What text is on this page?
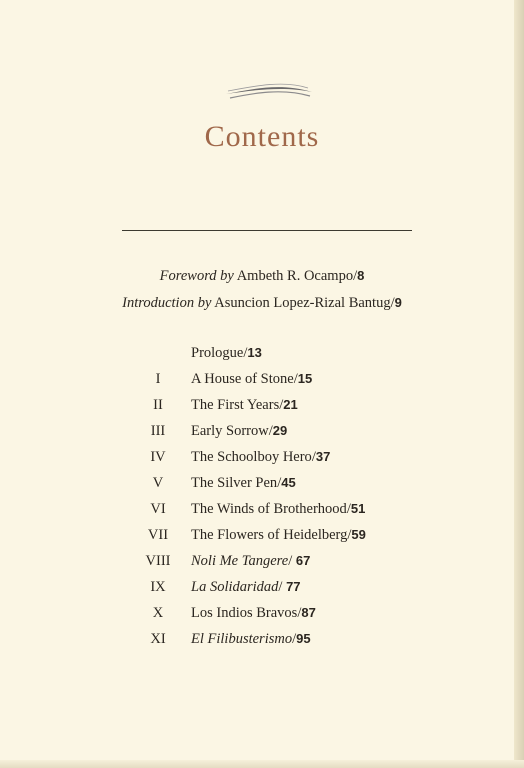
Contents
Foreword by Ambeth R. Ocampo/8
Introduction by Asuncion Lopez-Rizal Bantug/9
Prologue/13
I	A House of Stone/15
II	The First Years/21
III	Early Sorrow/29
IV	The Schoolboy Hero/37
V	The Silver Pen/45
VI	The Winds of Brotherhood/51
VII	The Flowers of Heidelberg/59
VIII	Noli Me Tangere/ 67
IX	La Solidaridad/ 77
X	Los Indios Bravos/87
XI	El Filibusterismo/95
